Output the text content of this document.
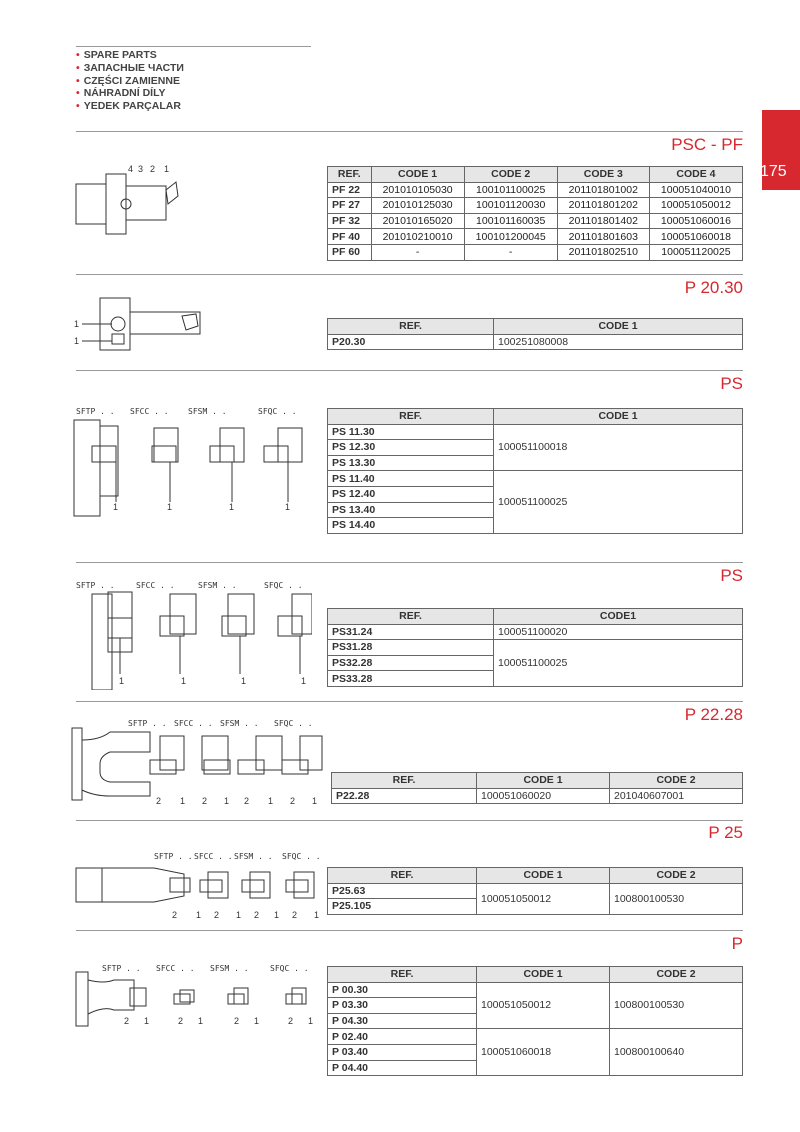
• SPARE PARTS
• ЗАПАСНЫЕ ЧАСТИ
• CZĘŚCI ZAMIENNE
• NÁHRADNÍ DÍLY
• YEDEK PARÇALAR
175
PSC - PF
4 3 2 1	REF.	CODE 1	CODE 2	CODE 3	CODE 4
PF 22	201010105030	100101100025	201101801002	100051040010
PF 27	201010125030	100101120030	201101801202	100051050012
PF 32	201010165020	100101160035	201101801402	100051060016
PF 40	201010210010	100101200045	201101801603	100051060018
PF 60	-	-	201101802510	100051120025
P 20.30
1
1
REF.	CODE 1
P20.30	100251080008
PS
SFTP . . SFCC . . SFSM . .	SFQC . .
1	1	1	1
REF.	CODE 1
PS 11.30	100051100018
PS 12.30	
PS 13.30	
PS 11.40	100051100025
PS 12.40	
PS 13.40	
PS 14.40	
PS
SFTP . .	SFCC . .	SFSM . .	SFQC . .
1	1	1	1
REF.	CODE1
PS31.24	100051100020
PS31.28	100051100025
PS32.28	
PS33.28	
P 22.28
SFTP . . SFCC . . SFSM . . SFQC . .
2 1 2 1 2 1 2 1
REF.	CODE 1	CODE 2
P22.28	100051060020	201040607001
P 25
SFTP . . SFCC . . SFSM . . SFQC . .
2 1 2 1 2 1 2 1
REF.	CODE 1	CODE 2
P25.63	100051050012	100800100530
P25.105		
P
SFTP . . SFCC . . SFSM . .	SFQC . .
2 1	2 1	2 1	2 1
REF.	CODE 1	CODE 2
P 00.30	100051050012	100800100530
P 03.30		
P 04.30		
P 02.40	100051060018	100800100640
P 03.40		
P 04.40		
